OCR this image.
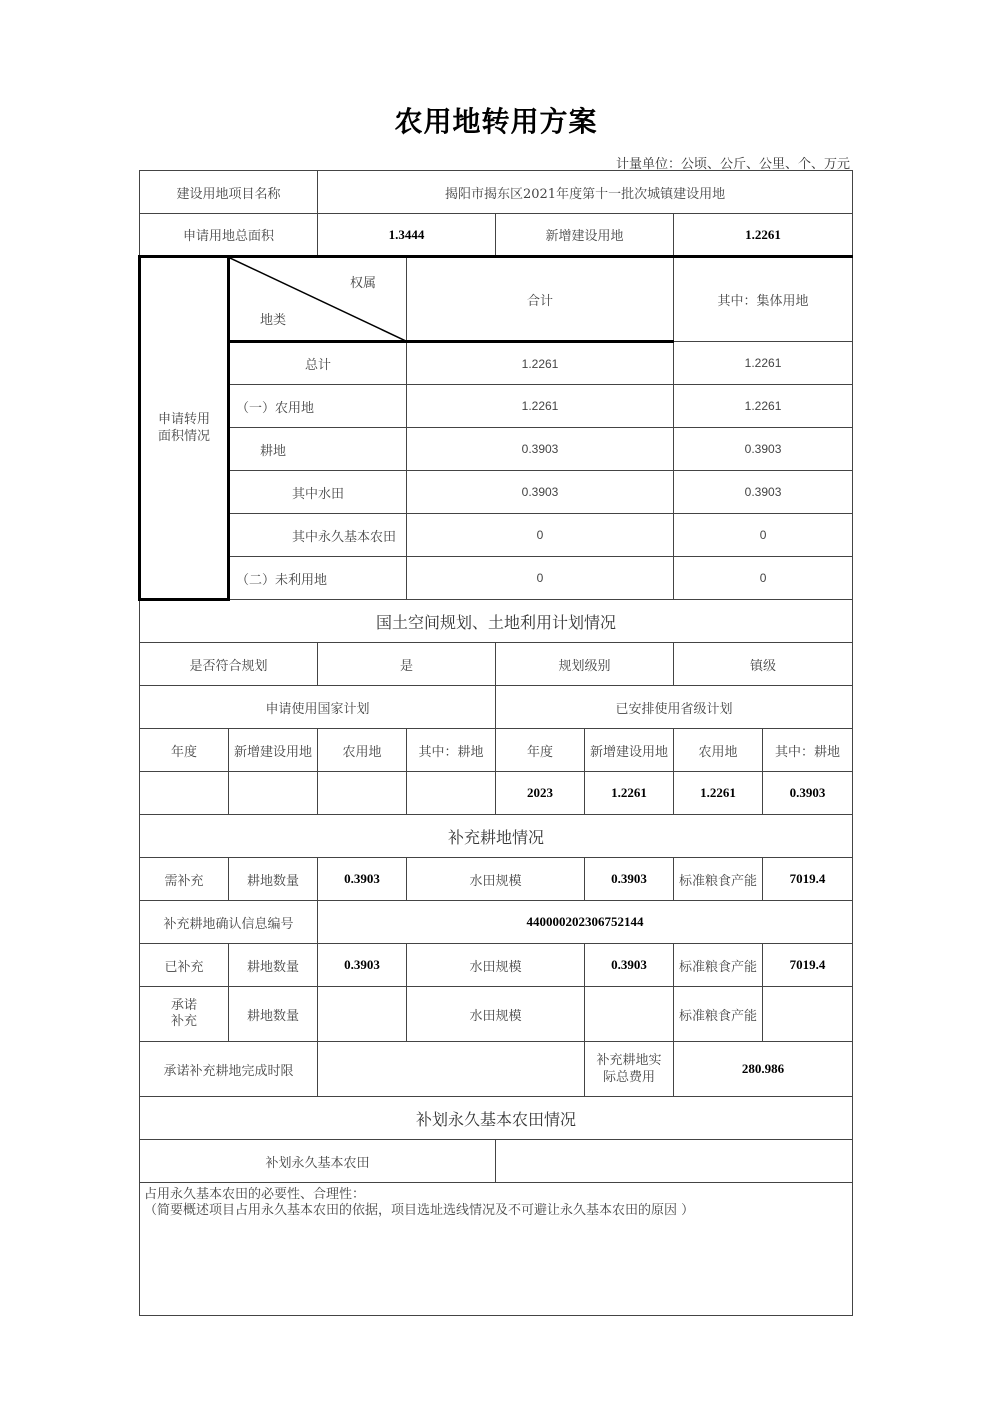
农用地转用方案
计量单位：公顷、公斤、公里、个、万元
建设用地项目名称		揭阳市揭东区2021年度第十一批次城镇建设用地					
申请用地总面积		1.3444		新增建设用地		1.2261	
申请转用面积情况	权属
地类		合计			其中：集体用地	
	总计		1.2261			1.2261	
	（一）农用地		1.2261			1.2261	
	耕地		0.3903			0.3903	
	其中水田		0.3903			0.3903	
	其中永久基本农田		0			0	
	（二）未利用地		0			0	
国土空间规划、土地利用计划情况							
是否符合规划		是		规划级别		镇级	
申请使用国家计划				已安排使用省级计划			
年度	新增建设用地	农用地	其中：耕地	年度	新增建设用地	农用地	其中：耕地
				2023	1.2261	1.2261	0.3903
补充耕地情况							
需补充	耕地数量	0.3903	水田规模		0.3903	标准粮食产能	7019.4
补充耕地确认信息编号		440000202306752144					
已补充	耕地数量	0.3903	水田规模		0.3903	标准粮食产能	7019.4
承诺补充	耕地数量		水田规模			标准粮食产能	
承诺补充耕地完成时限					补充耕地实际总费用	280.986	
补划永久基本农田情况							
补划永久基本农田							

占用永久基本农田的必要性、合理性：
（简要概述项目占用永久基本农田的依据，项目选址选线情况及不可避让永久基本农田的原因 ）							
